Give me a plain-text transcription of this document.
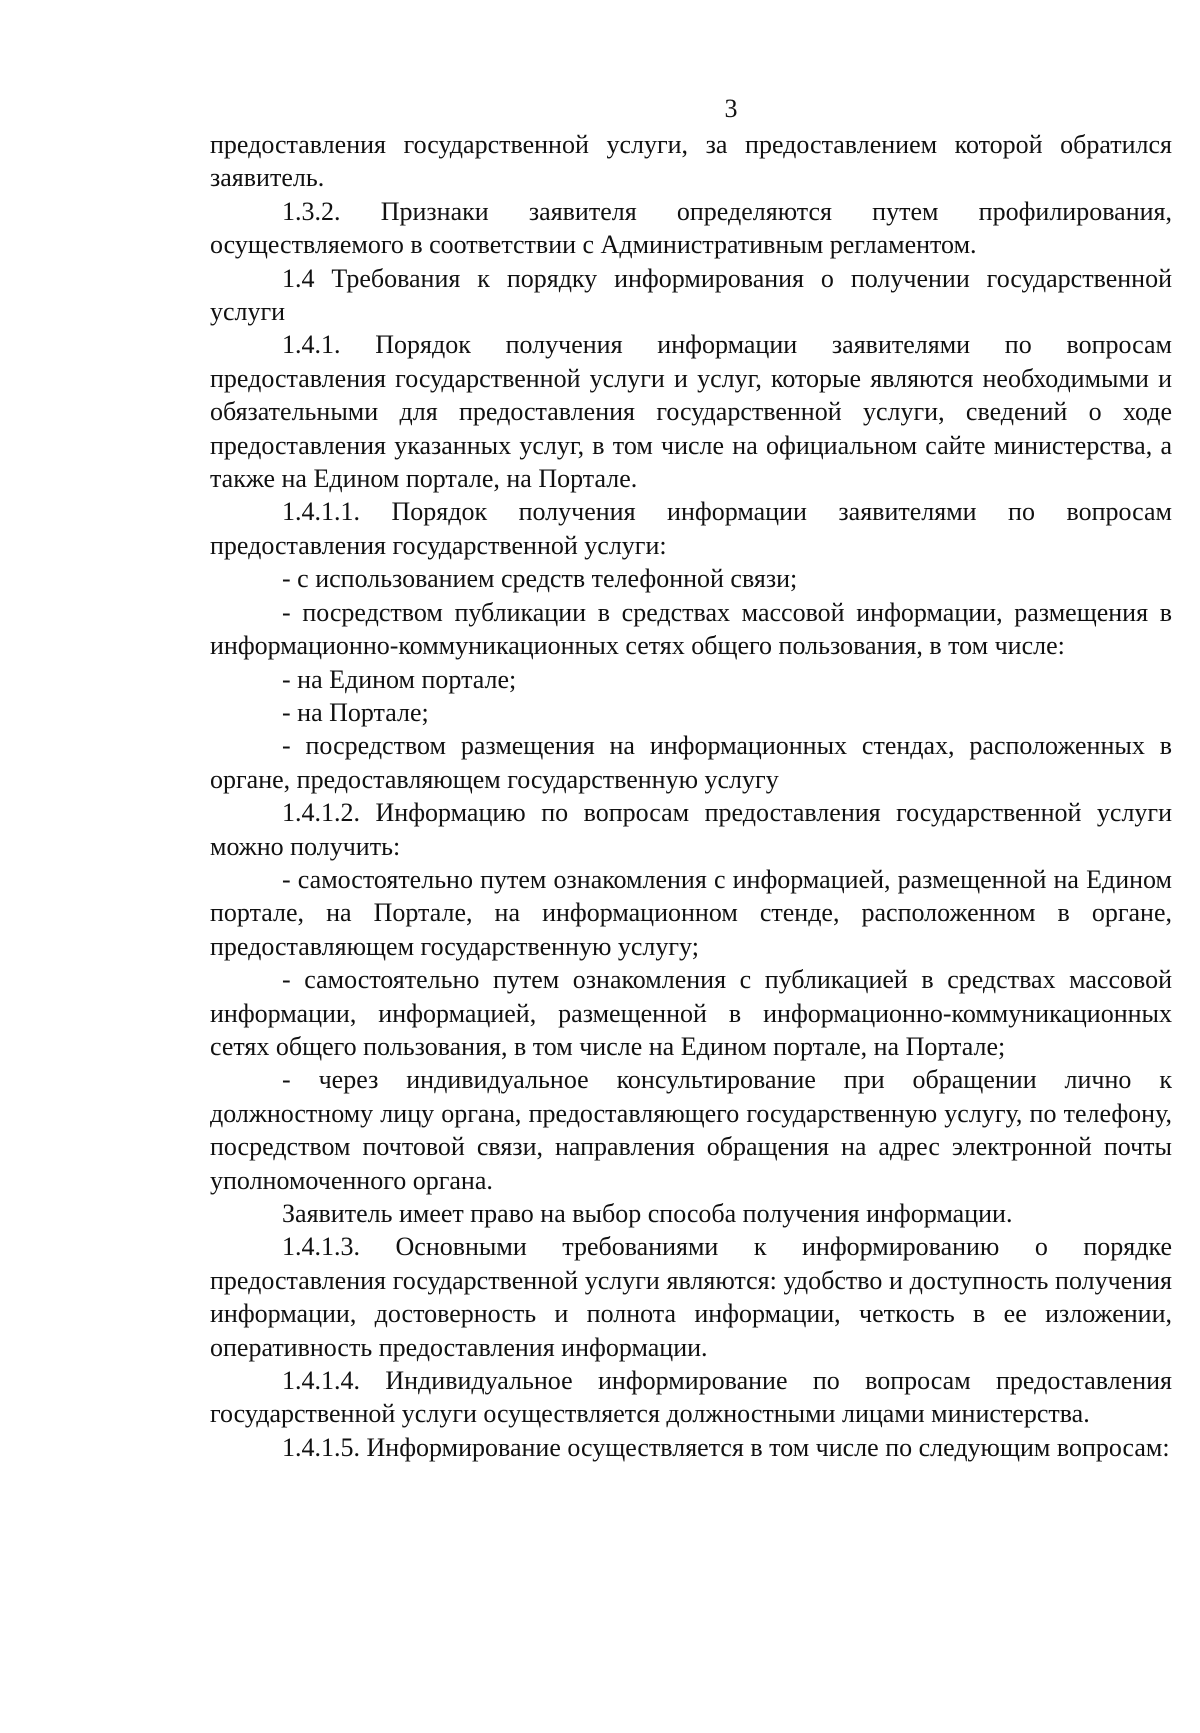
3

предоставления государственной услуги, за предоставлением которой обратился заявитель.

1.3.2. Признаки заявителя определяются путем профилирования, осуществляемого в соответствии с Административным регламентом.

1.4 Требования к порядку информирования о получении государственной услуги

1.4.1. Порядок получения информации заявителями по вопросам предоставления государственной услуги и услуг, которые являются необходимыми и обязательными для предоставления государственной услуги, сведений о ходе предоставления указанных услуг, в том числе на официальном сайте министерства, а также на Едином портале, на Портале.

1.4.1.1. Порядок получения информации заявителями по вопросам предоставления государственной услуги:

- с использованием средств телефонной связи;

- посредством публикации в средствах массовой информации, размещения в информационно-коммуникационных сетях общего пользования, в том числе:

- на Едином портале;

- на Портале;

- посредством размещения на информационных стендах, расположенных в органе, предоставляющем государственную услугу

1.4.1.2. Информацию по вопросам предоставления государственной услуги можно получить:

- самостоятельно путем ознакомления с информацией, размещенной на Едином портале, на Портале, на информационном стенде, расположенном в органе, предоставляющем государственную услугу;

- самостоятельно путем ознакомления с публикацией в средствах массовой информации, информацией, размещенной в информационно-коммуникационных сетях общего пользования, в том числе на Едином портале, на Портале;

- через индивидуальное консультирование при обращении лично к должностному лицу органа, предоставляющего государственную услугу, по телефону, посредством почтовой связи, направления обращения на адрес электронной почты уполномоченного органа.

Заявитель имеет право на выбор способа получения информации.

1.4.1.3. Основными требованиями к информированию о порядке предоставления государственной услуги являются: удобство и доступность получения информации, достоверность и полнота информации, четкость в ее изложении, оперативность предоставления информации.

1.4.1.4. Индивидуальное информирование по вопросам предоставления государственной услуги осуществляется должностными лицами министерства.

1.4.1.5. Информирование осуществляется в том числе по следующим вопросам:
